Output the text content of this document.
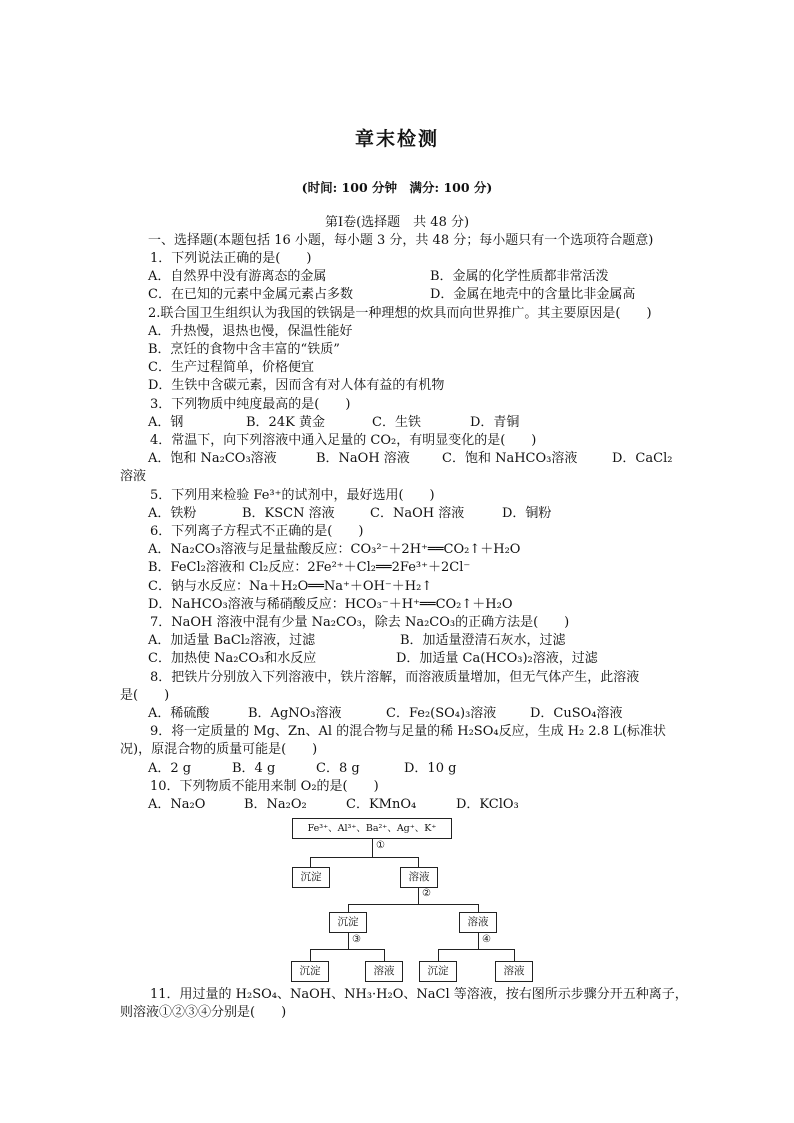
章末检测
(时间: 100 分钟　满分: 100 分)
第Ⅰ卷(选择题　共 48 分)
一、选择题(本题包括 16 小题，每小题 3 分，共 48 分；每小题只有一个选项符合题意)
1．下列说法正确的是(　　)
A．自然界中没有游离态的金属	B．金属的化学性质都非常活泼
C．在已知的元素中金属元素占多数	D．金属在地壳中的含量比非金属高
2.联合国卫生组织认为我国的铁锅是一种理想的炊具而向世界推广。其主要原因是(　　)
A．升热慢，退热也慢，保温性能好
B．烹饪的食物中含丰富的“铁质”
C．生产过程简单，价格便宜
D．生铁中含碳元素，因而含有对人体有益的有机物
3．下列物质中纯度最高的是(　　)
A．钢	B．24K 黄金	C．生铁	D．青铜
4．常温下，向下列溶液中通入足量的 CO₂，有明显变化的是(　　)
A．饱和 Na₂CO₃溶液	B．NaOH 溶液 C．饱和 NaHCO₃溶液	D．CaCl₂
溶液
5．下列用来检验 Fe³⁺的试剂中，最好选用(　　)
A．铁粉	B．KSCN 溶液	C．NaOH 溶液	D．铜粉
6．下列离子方程式不正确的是(　　)
A．Na₂CO₃溶液与足量盐酸反应：CO₃²⁻＋2H⁺══CO₂↑＋H₂O
B．FeCl₂溶液和 Cl₂反应：2Fe²⁺＋Cl₂══2Fe³⁺＋2Cl⁻
C．钠与水反应：Na＋H₂O══Na⁺＋OH⁻＋H₂↑
D．NaHCO₃溶液与稀硝酸反应：HCO₃⁻＋H⁺══CO₂↑＋H₂O
7．NaOH 溶液中混有少量 Na₂CO₃，除去 Na₂CO₃的正确方法是(　　)
A．加适量 BaCl₂溶液，过滤	B．加适量澄清石灰水，过滤
C．加热使 Na₂CO₃和水反应	D．加适量 Ca(HCO₃)₂溶液，过滤
8．把铁片分别放入下列溶液中，铁片溶解，而溶液质量增加，但无气体产生，此溶液
是(　　)
A．稀硫酸	B．AgNO₃溶液	C．Fe₂(SO₄)₃溶液	D．CuSO₄溶液
9．将一定质量的 Mg、Zn、Al 的混合物与足量的稀 H₂SO₄反应，生成 H₂ 2.8 L(标准状
况)，原混合物的质量可能是(　　)
A．2 g	B．4 g	C．8 g	D．10 g
10．下列物质不能用来制 O₂的是(　　)
A．Na₂O	B．Na₂O₂	C．KMnO₄	D．KClO₃
Fe³⁺、Al³⁺、Ba²⁺、Ag⁺、K⁺
①
沉淀	溶液
②
沉淀	溶液
③	④
沉淀	溶液	沉淀	溶液
11．用过量的 H₂SO₄、NaOH、NH₃·H₂O、NaCl 等溶液，按右图所示步骤分开五种离子，
则溶液①②③④分别是(　　)
